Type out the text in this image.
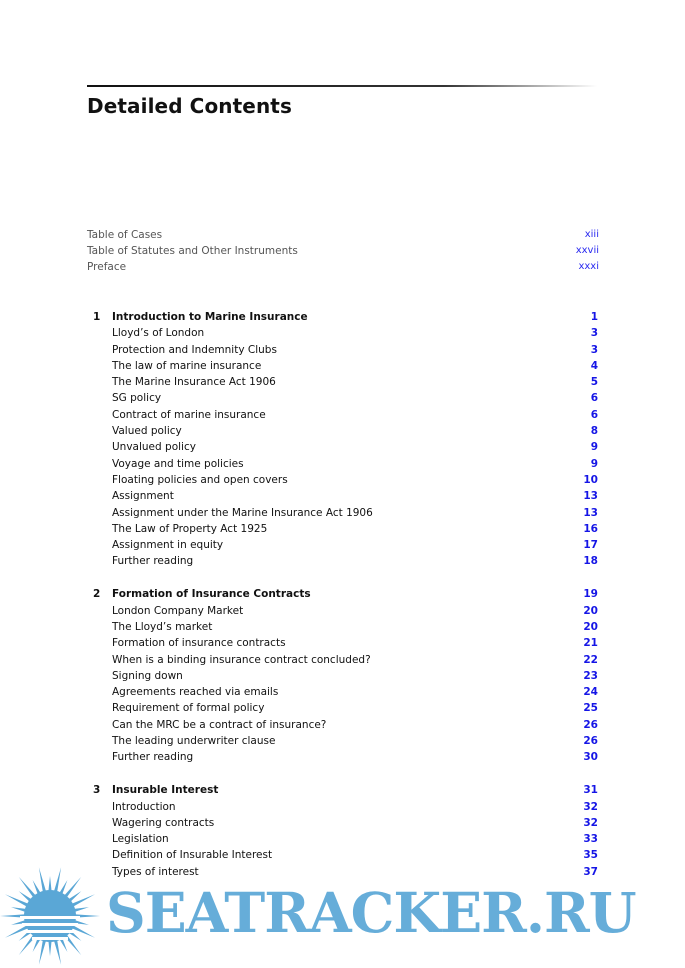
Detailed Contents
Table of Cases	xiii
Table of Statutes and Other Instruments	xxvii
Preface	xxxi
1 Introduction to Marine Insurance	1
Lloyd’s of London	3
Protection and Indemnity Clubs	3
The law of marine insurance	4
The Marine Insurance Act 1906	5
SG policy	6
Contract of marine insurance	6
Valued policy	8
Unvalued policy	9
Voyage and time policies	9
Floating policies and open covers	10
Assignment	13
Assignment under the Marine Insurance Act 1906	13
The Law of Property Act 1925	16
Assignment in equity	17
Further reading	18
2 Formation of Insurance Contracts	19
London Company Market	20
The Lloyd’s market	20
Formation of insurance contracts	21
When is a binding insurance contract concluded?	22
Signing down	23
Agreements reached via emails	24
Requirement of formal policy	25
Can the MRC be a contract of insurance?	26
The leading underwriter clause	26
Further reading	30
3 Insurable Interest	31
Introduction	32
Wagering contracts	32
Legislation	33
Definition of Insurable Interest	35
Types of interest	37
SEATRACKER.RU
